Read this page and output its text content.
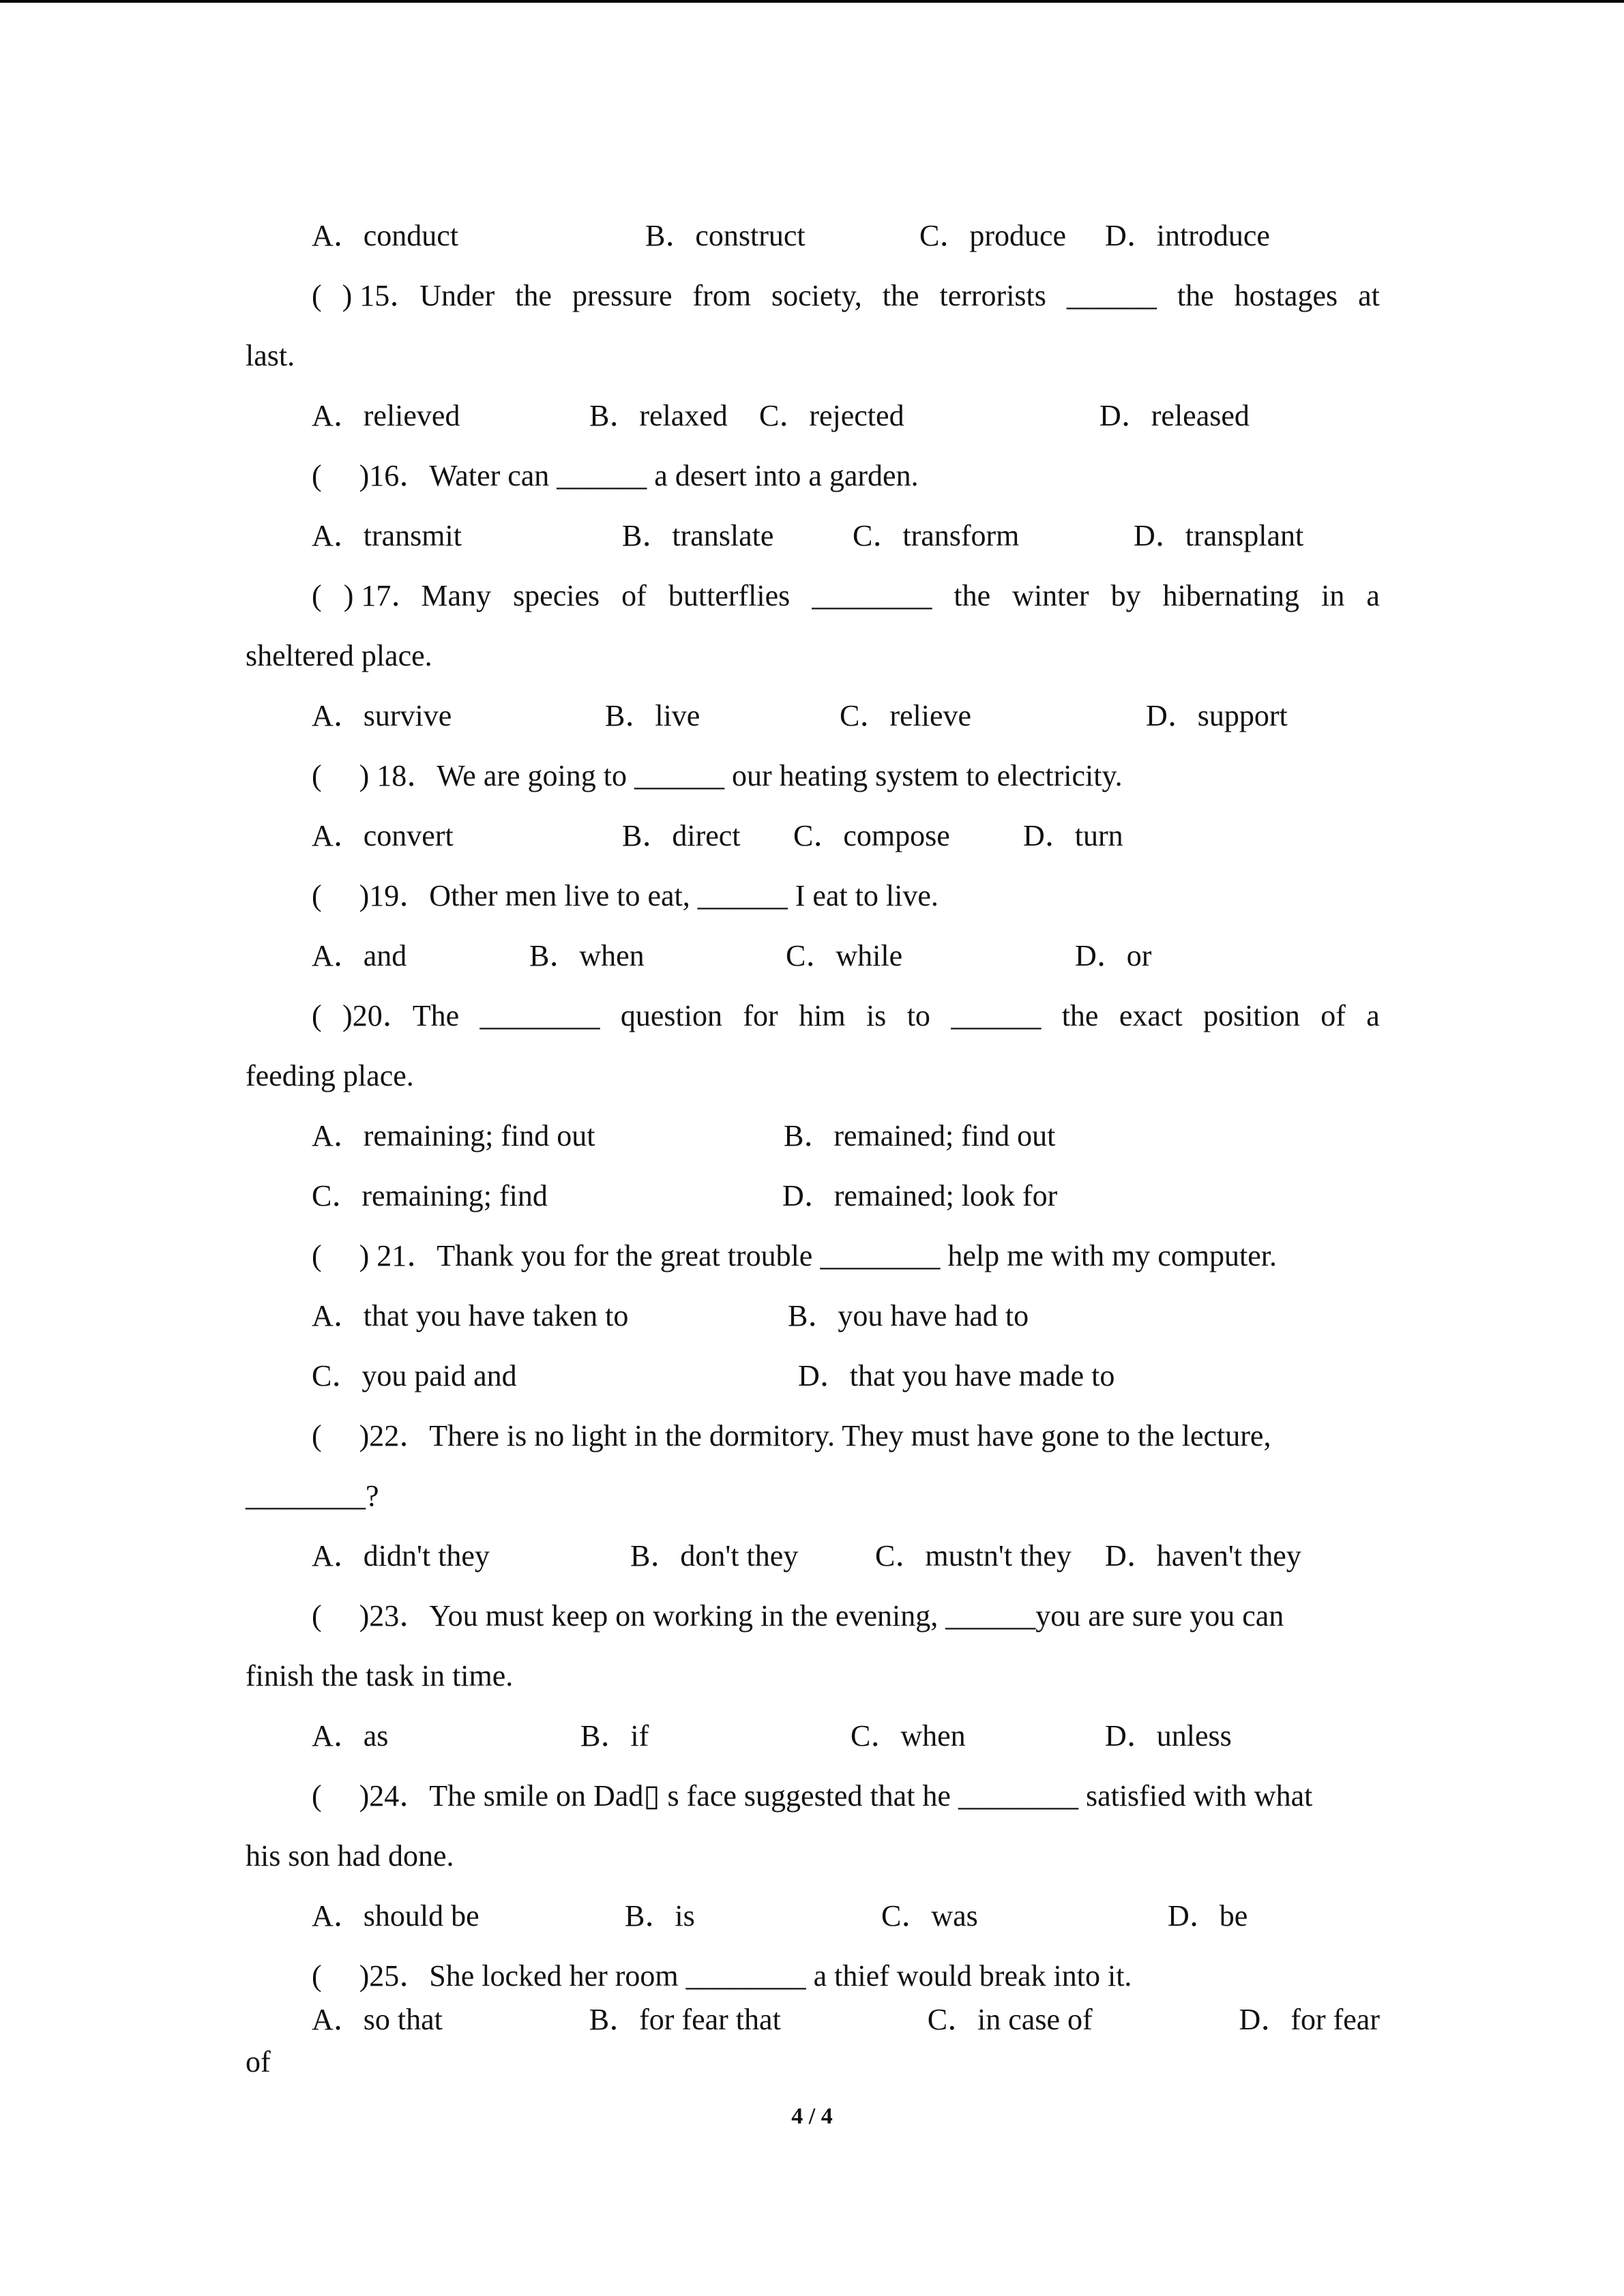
A．conduct	B．construct	C．produce D．introduce
( ) 15．Under the pressure from society, the terrorists ______ the hostages at
last.
A．relieved	B．relaxed C．rejected	D．released
(     )16．Water can ______ a desert into a garden.
A．transmit	B．translate	C．transform	D．transplant
( ) 17．Many species of butterflies ________ the winter by hibernating in a
sheltered place.
A．survive	B．live	C．relieve	D．support
(     ) 18．We are going to ______ our heating system to electricity.
A．convert	B．direct C．compose D．turn
(     )19．Other men live to eat, ______ I eat to live.
A．and	B．when	C．while	D．or
( )20．The ________ question for him is to ______ the exact position of a
feeding place.
A．remaining; find out	B．remained; find out
C．remaining; find	D．remained; look for
(     ) 21．Thank you for the great trouble ________ help me with my computer.
A．that you have taken to	B．you have had to
C．you paid and	D．that you have made to
(     )22．There is no light in the dormitory. They must have gone to the lecture,
________?
A．didn't they	B．don't they	C．mustn't they D．haven't they
(     )23．You must keep on working in the evening, ______you are sure you can
finish the task in time.
A．as	B．if	C．when	D．unless
(     )24．The smile on Dad▯ s face suggested that he ________ satisfied with what
his son had done.
A．should be	B．is	C．was	D．be
(     )25．She locked her room ________ a thief would break into it.
A．so that	B．for fear that	C．in case of	D．for fear
of
4 / 4
